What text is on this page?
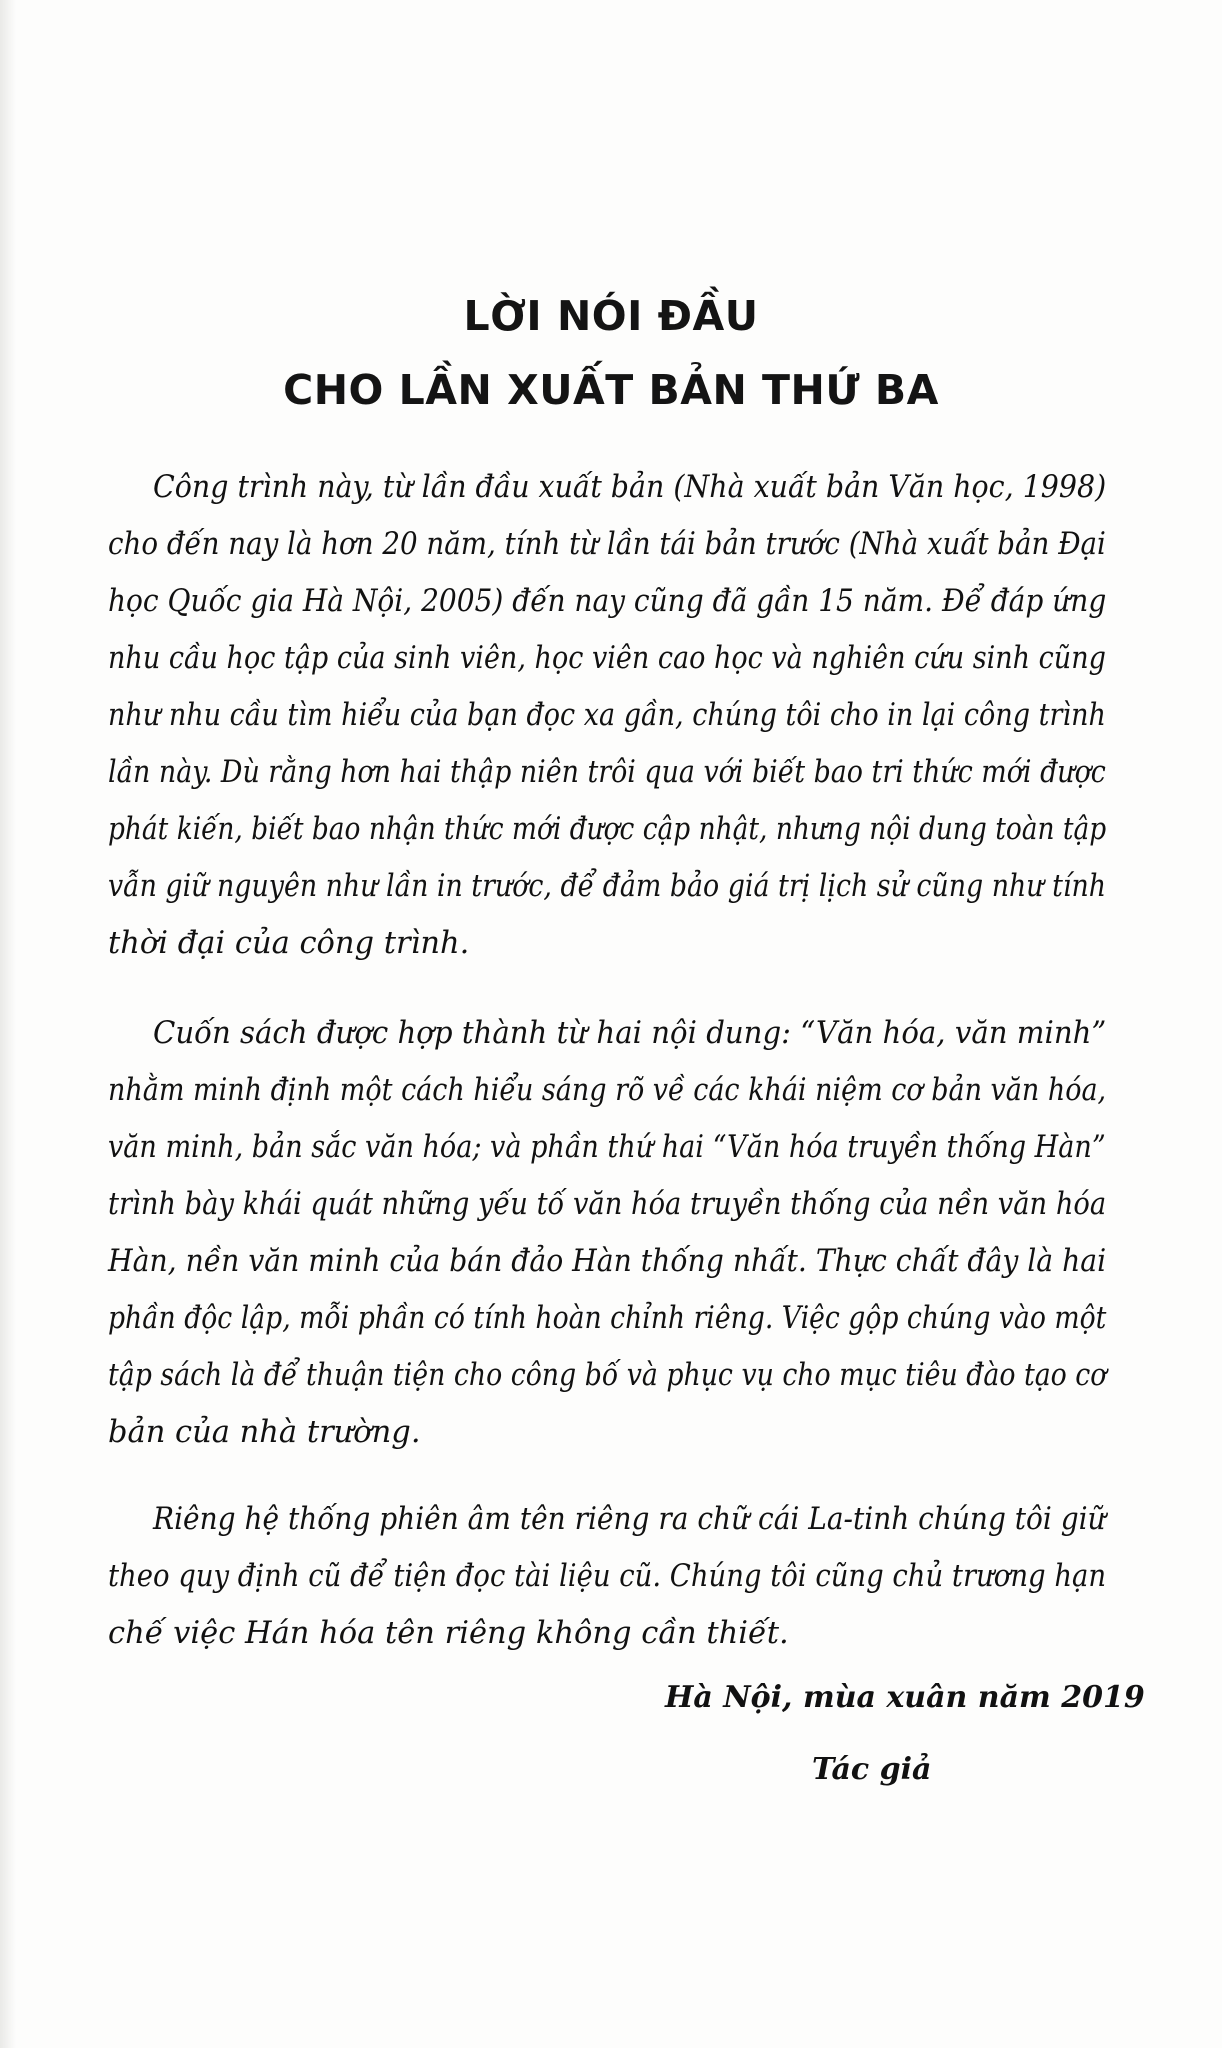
LỜI NÓI ĐẦU
CHO LẦN XUẤT BẢN THỨ BA
Công trình này, từ lần đầu xuất bản (Nhà xuất bản Văn học, 1998)
cho đến nay là hơn 20 năm, tính từ lần tái bản trước (Nhà xuất bản Đại
học Quốc gia Hà Nội, 2005) đến nay cũng đã gần 15 năm. Để đáp ứng
nhu cầu học tập của sinh viên, học viên cao học và nghiên cứu sinh cũng
như nhu cầu tìm hiểu của bạn đọc xa gần, chúng tôi cho in lại công trình
lần này. Dù rằng hơn hai thập niên trôi qua với biết bao tri thức mới được
phát kiến, biết bao nhận thức mới được cập nhật, nhưng nội dung toàn tập
vẫn giữ nguyên như lần in trước, để đảm bảo giá trị lịch sử cũng như tính
thời đại của công trình.
Cuốn sách được hợp thành từ hai nội dung: “Văn hóa, văn minh”
nhằm minh định một cách hiểu sáng rõ về các khái niệm cơ bản văn hóa,
văn minh, bản sắc văn hóa; và phần thứ hai “Văn hóa truyền thống Hàn”
trình bày khái quát những yếu tố văn hóa truyền thống của nền văn hóa
Hàn, nền văn minh của bán đảo Hàn thống nhất. Thực chất đây là hai
phần độc lập, mỗi phần có tính hoàn chỉnh riêng. Việc gộp chúng vào một
tập sách là để thuận tiện cho công bố và phục vụ cho mục tiêu đào tạo cơ
bản của nhà trường.
Riêng hệ thống phiên âm tên riêng ra chữ cái La-tinh chúng tôi giữ
theo quy định cũ để tiện đọc tài liệu cũ. Chúng tôi cũng chủ trương hạn
chế việc Hán hóa tên riêng không cần thiết.

Hà Nội, mùa xuân năm 2019

Tác giả
